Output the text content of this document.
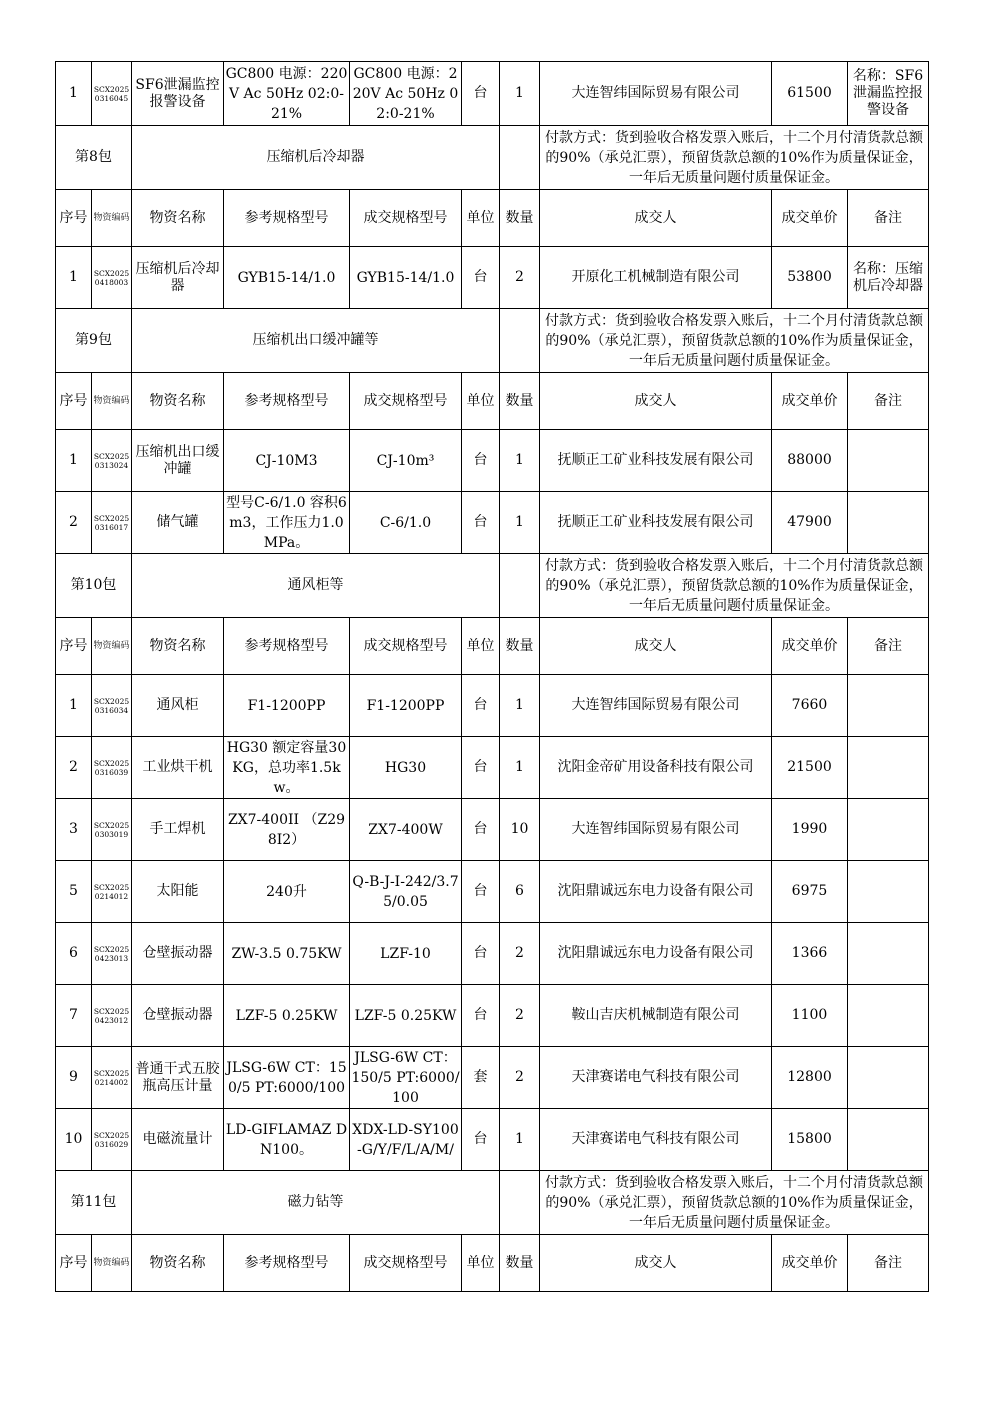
1	SCX20250316045	SF6泄漏监控报警设备	GC800 电源：220V Ac 50Hz 02:0-21%	GC800 电源：220V Ac 50Hz 02:0-21%	台	1	大连智纬国际贸易有限公司	61500	名称：SF6泄漏监控报警设备
第8包		压缩机后冷却器					付款方式：货到验收合格发票入账后，十二个月付清货款总额的90%（承兑汇票），预留货款总额的10%作为质量保证金，一年后无质量问题付质量保证金。		
序号	物资编码	物资名称	参考规格型号	成交规格型号	单位	数量	成交人	成交单价	备注
1	SCX20250418003	压缩机后冷却器	GYB15-14/1.0	GYB15-14/1.0	台	2	开原化工机械制造有限公司	53800	名称：压缩机后冷却器
第9包		压缩机出口缓冲罐等					付款方式：货到验收合格发票入账后，十二个月付清货款总额的90%（承兑汇票），预留货款总额的10%作为质量保证金，一年后无质量问题付质量保证金。		
序号	物资编码	物资名称	参考规格型号	成交规格型号	单位	数量	成交人	成交单价	备注
1	SCX20250313024	压缩机出口缓冲罐	CJ-10M3	CJ-10m³	台	1	抚顺正工矿业科技发展有限公司	88000	
2	SCX20250316017	储气罐	型号C-6/1.0 容积6m3，工作压力1.0MPa。	C-6/1.0	台	1	抚顺正工矿业科技发展有限公司	47900	
第10包		通风柜等					付款方式：货到验收合格发票入账后，十二个月付清货款总额的90%（承兑汇票），预留货款总额的10%作为质量保证金，一年后无质量问题付质量保证金。		
序号	物资编码	物资名称	参考规格型号	成交规格型号	单位	数量	成交人	成交单价	备注
1	SCX20250316034	通风柜	F1-1200PP	F1-1200PP	台	1	大连智纬国际贸易有限公司	7660	
2	SCX20250316039	工业烘干机	HG30 额定容量30KG，总功率1.5kw。	HG30	台	1	沈阳金帝矿用设备科技有限公司	21500	
3	SCX20250303019	手工焊机	ZX7-400II （Z298I2）	ZX7-400W	台	10	大连智纬国际贸易有限公司	1990	
5	SCX20250214012	太阳能	240升	Q-B-J-I-242/3.75/0.05	台	6	沈阳鼎诚远东电力设备有限公司	6975	
6	SCX20250423013	仓壁振动器	ZW-3.5 0.75KW	LZF-10	台	2	沈阳鼎诚远东电力设备有限公司	1366	
7	SCX20250423012	仓壁振动器	LZF-5 0.25KW	LZF-5 0.25KW	台	2	鞍山吉庆机械制造有限公司	1100	
9	SCX20250214002	普通干式五胶瓶高压计量	JLSG-6W CT：150/5 PT:6000/100	JLSG-6W CT：150/5 PT:6000/100	套	2	天津赛诺电气科技有限公司	12800	
10	SCX20250316029	电磁流量计	LD-GIFLAMAZ DN100。	XDX-LD-SY100-G/Y/F/L/A/M/	台	1	天津赛诺电气科技有限公司	15800	
第11包		磁力钻等					付款方式：货到验收合格发票入账后，十二个月付清货款总额的90%（承兑汇票），预留货款总额的10%作为质量保证金，一年后无质量问题付质量保证金。		
序号	物资编码	物资名称	参考规格型号	成交规格型号	单位	数量	成交人	成交单价	备注
